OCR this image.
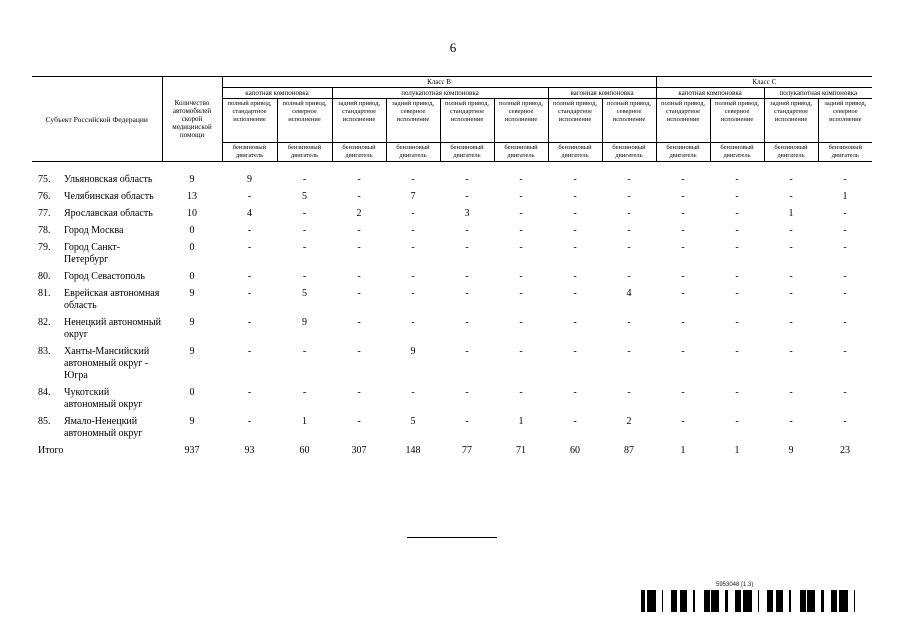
6
Субъект Российской Федерации	Количество автомобилей скорой медицинской помощи	Класс B								Класс C			
		капотная компоновка		полукапотная компоновка				вагонная компоновка		капотная компоновка		полукапотная компоновка	
		полный привод, стандартное исполнение	полный привод, северное исполнение	задний привод, стандартное исполнение	задний привод, северное исполнение	полный привод, стандартное исполнение	полный привод, северное исполнение	полный привод, стандартное исполнение	полный привод, северное исполнение	полный привод, стандартное исполнение	полный привод, северное исполнение	задний привод, стандартное исполнение	задний привод, северное исполнение
		бензиновый двигатель	бензиновый двигатель	бензиновый двигатель	бензиновый двигатель	бензиновый двигатель	бензиновый двигатель	бензиновый двигатель	бензиновый двигатель	бензиновый двигатель	бензиновый двигатель	бензиновый двигатель	бензиновый двигатель
75.	Ульяновская область	9	9	-	-	-	-	-	-	-	-	-	-	-
76.	Челябинская область	13	-	5	-	7	-	-	-	-	-	-	-	1
77.	Ярославская область	10	4	-	2	-	3	-	-	-	-	-	1	-
78.	Город Москва	0	-	-	-	-	-	-	-	-	-	-	-	-
79.	Город Санкт-Петербург	0	-	-	-	-	-	-	-	-	-	-	-	-
80.	Город Севастополь	0	-	-	-	-	-	-	-	-	-	-	-	-
81.	Еврейская автономная область	9	-	5	-	-	-	-	-	4	-	-	-	-
82.	Ненецкий автономный округ	9	-	9	-	-	-	-	-	-	-	-	-	-
83.	Ханты-Мансийский автономный округ - Югра	9	-	-	-	9	-	-	-	-	-	-	-	-
84.	Чукотский автономный округ	0	-	-	-	-	-	-	-	-	-	-	-	-
85.	Ямало-Ненецкий автономный округ	9	-	1	-	5	-	1	-	2	-	-	-	-
Итого		937	93	60	307	148	77	71	60	87	1	1	9	23
5953048 (1.3)
